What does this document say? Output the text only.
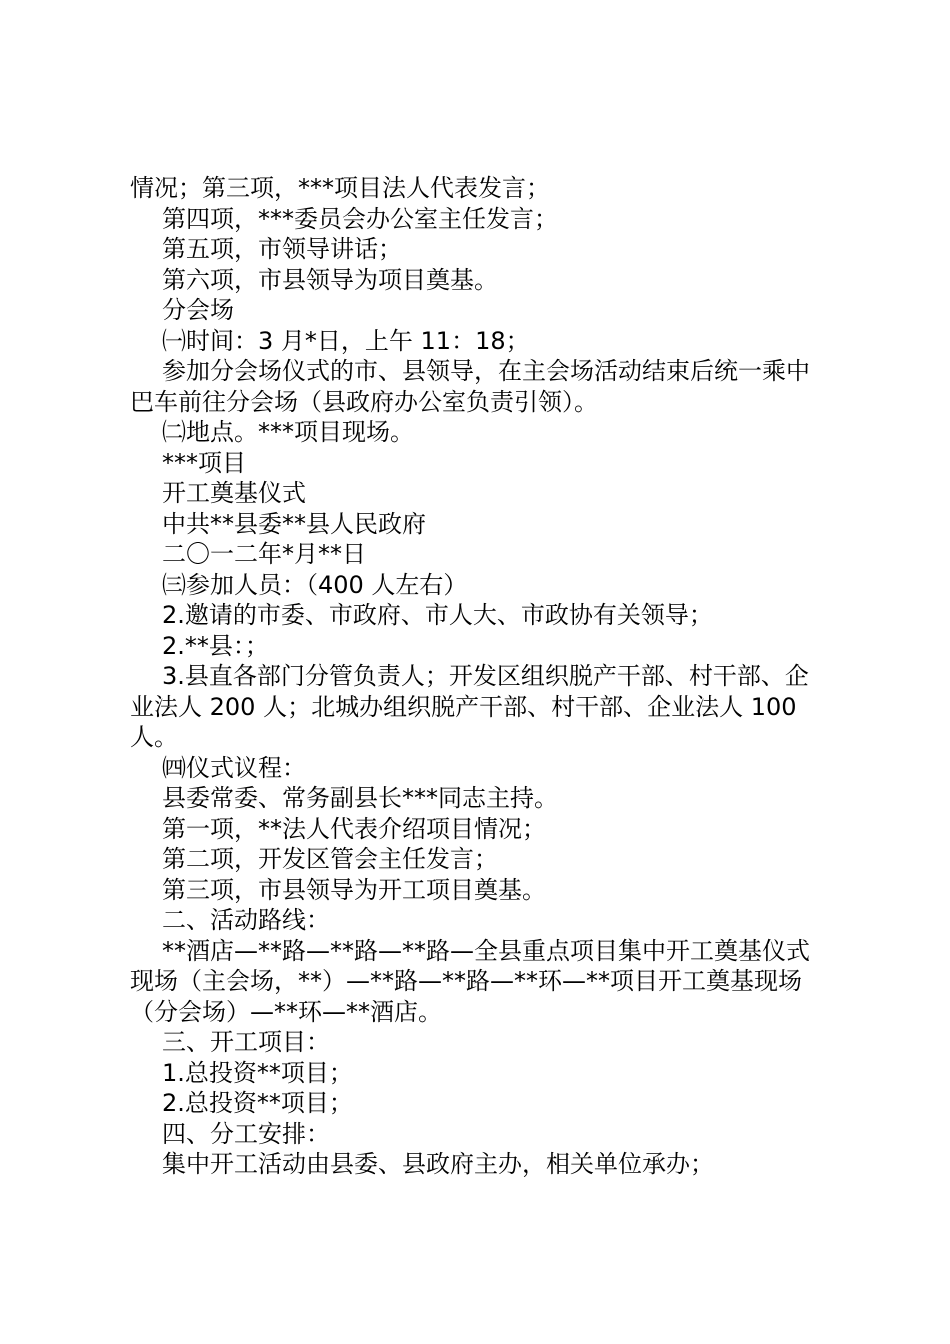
情况；第三项，***项目法人代表发言；

第四项，***委员会办公室主任发言；

第五项，市领导讲话；

第六项，市县领导为项目奠基。

分会场

㈠时间：3 月*日，上午 11：18；

参加分会场仪式的市、县领导，在主会场活动结束后统一乘中巴车前往分会场（县政府办公室负责引领）。

㈡地点。***项目现场。

***项目

开工奠基仪式

中共**县委**县人民政府

二〇一二年*月**日

㈢参加人员：（400 人左右）

2.邀请的市委、市政府、市人大、市政协有关领导；

2.**县：；

3.县直各部门分管负责人；开发区组织脱产干部、村干部、企业法人 200 人；北城办组织脱产干部、村干部、企业法人 100 人。

㈣仪式议程：

县委常委、常务副县长***同志主持。

第一项，**法人代表介绍项目情况；

第二项，开发区管会主任发言；

第三项，市县领导为开工项目奠基。

二、活动路线：

**酒店—**路—**路—**路—全县重点项目集中开工奠基仪式现场（主会场，**）—**路—**路—**环—**项目开工奠基现场（分会场）—**环—**酒店。

三、开工项目：

1.总投资**项目；

2.总投资**项目；

四、分工安排：

集中开工活动由县委、县政府主办，相关单位承办；
